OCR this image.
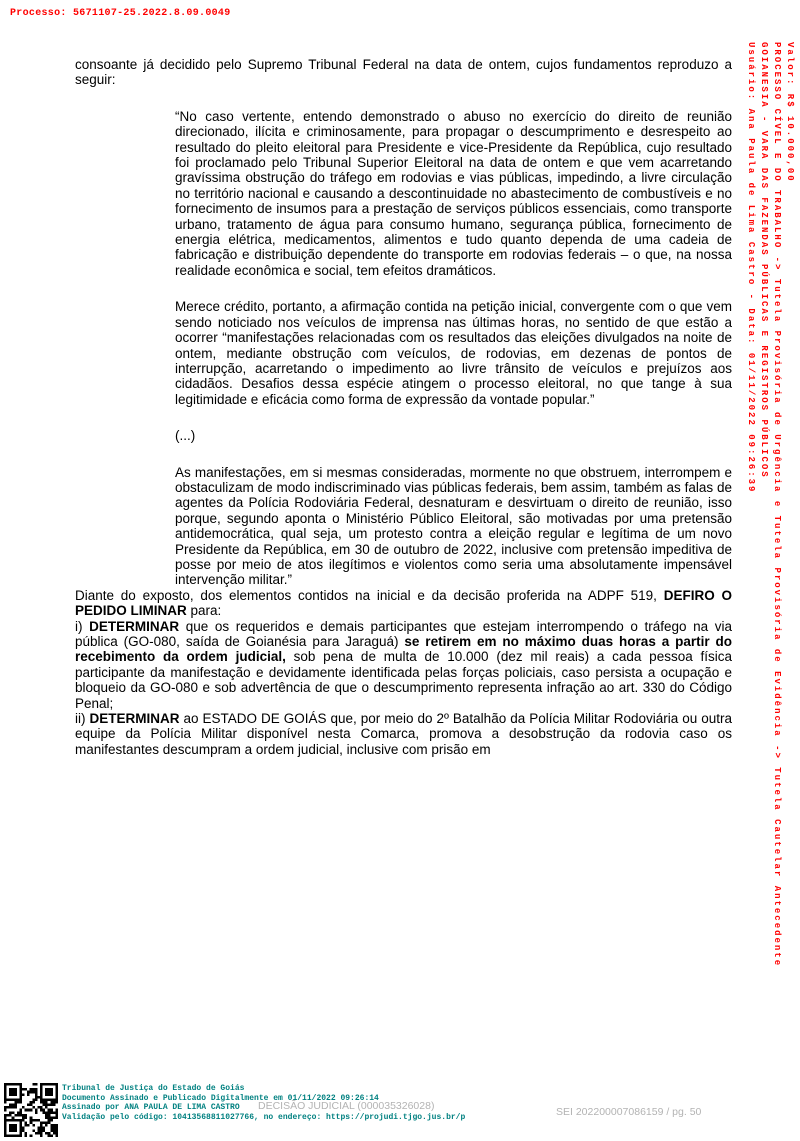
Processo: 5671107-25.2022.8.09.0049
Valor: R$ 10.000,00
PROCESSO CÍVEL E DO TRABALHO -> Tutela Provisória de Urgência e Tutela Provisória de Evidência -> Tutela Cautelar Antecedente
GOIANESIA - VARA DAS FAZENDAS PÚBLICAS E REGISTROS PÚBLICOS
Usuário: Ana Paula de Lima Castro - Data: 01/11/2022 09:26:39

consoante já decidido pelo Supremo Tribunal Federal na data de ontem, cujos fundamentos reproduzo a seguir:

“No caso vertente, entendo demonstrado o abuso no exercício do direito de reunião direcionado, ilícita e criminosamente, para propagar o descumprimento e desrespeito ao resultado do pleito eleitoral para Presidente e vice-Presidente da República, cujo resultado foi proclamado pelo Tribunal Superior Eleitoral na data de ontem e que vem acarretando gravíssima obstrução do tráfego em rodovias e vias públicas, impedindo, a livre circulação no território nacional e causando a descontinuidade no abastecimento de combustíveis e no fornecimento de insumos para a prestação de serviços públicos essenciais, como transporte urbano, tratamento de água para consumo humano, segurança pública, fornecimento de energia elétrica, medicamentos, alimentos e tudo quanto dependa de uma cadeia de fabricação e distribuição dependente do transporte em rodovias federais – o que, na nossa realidade econômica e social, tem efeitos dramáticos.

Merece crédito, portanto, a afirmação contida na petição inicial, convergente com o que vem sendo noticiado nos veículos de imprensa nas últimas horas, no sentido de que estão a ocorrer “manifestações relacionadas com os resultados das eleições divulgados na noite de ontem, mediante obstrução com veículos, de rodovias, em dezenas de pontos de interrupção, acarretando o impedimento ao livre trânsito de veículos e prejuízos aos cidadãos. Desafios dessa espécie atingem o processo eleitoral, no que tange à sua legitimidade e eficácia como forma de expressão da vontade popular.”

(...)

As manifestações, em si mesmas consideradas, mormente no que obstruem, interrompem e obstaculizam de modo indiscriminado vias públicas federais, bem assim, também as falas de agentes da Polícia Rodoviária Federal, desnaturam e desvirtuam o direito de reunião, isso porque, segundo aponta o Ministério Público Eleitoral, são motivadas por uma pretensão antidemocrática, qual seja, um protesto contra a eleição regular e legítima de um novo Presidente da República, em 30 de outubro de 2022, inclusive com pretensão impeditiva de posse por meio de atos ilegítimos e violentos como seria uma absolutamente impensável intervenção militar.”

Diante do exposto, dos elementos contidos na inicial e da decisão proferida na ADPF 519, DEFIRO O PEDIDO LIMINAR para:

i) DETERMINAR que os requeridos e demais participantes que estejam interrompendo o tráfego na via pública (GO-080, saída de Goianésia para Jaraguá) se retirem em no máximo duas horas a partir do recebimento da ordem judicial, sob pena de multa de 10.000 (dez mil reais) a cada pessoa física participante da manifestação e devidamente identificada pelas forças policiais, caso persista a ocupação e bloqueio da GO-080 e sob advertência de que o descumprimento representa infração ao art. 330 do Código Penal;

ii) DETERMINAR ao ESTADO DE GOIÁS que, por meio do 2º Batalhão da Polícia Militar Rodoviária ou outra equipe da Polícia Militar disponível nesta Comarca, promova a desobstrução da rodovia caso os manifestantes descumpram a ordem judicial, inclusive com prisão em

DECISÃO JUDICIAL (000035326028)	SEI 202200007086159 / pg. 50
Tribunal de Justiça do Estado de Goiás
Documento Assinado e Publicado Digitalmente em 01/11/2022 09:26:14
Assinado por ANA PAULA DE LIMA CASTRO
Validação pelo código: 10413568811027766, no endereço: https://projudi.tjgo.jus.br/p
